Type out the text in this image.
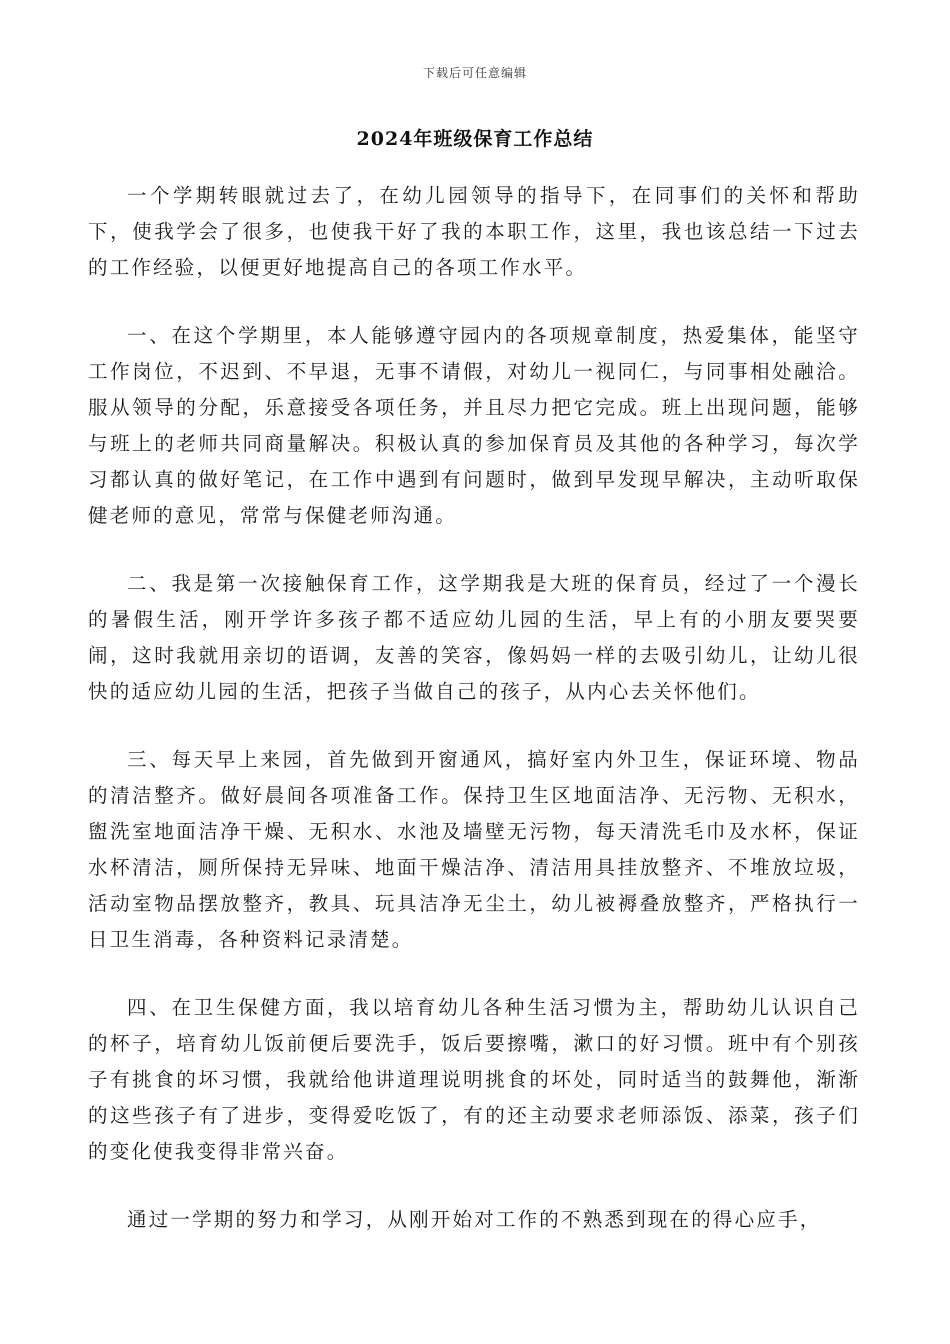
下载后可任意编辑
2024年班级保育工作总结

一个学期转眼就过去了，在幼儿园领导的指导下，在同事们的关怀和帮助下，使我学会了很多，也使我干好了我的本职工作，这里，我也该总结一下过去的工作经验，以便更好地提高自己的各项工作水平。

一、在这个学期里，本人能够遵守园内的各项规章制度，热爱集体，能坚守工作岗位，不迟到、不早退，无事不请假，对幼儿一视同仁，与同事相处融洽。服从领导的分配，乐意接受各项任务，并且尽力把它完成。班上出现问题，能够与班上的老师共同商量解决。积极认真的参加保育员及其他的各种学习，每次学习都认真的做好笔记，在工作中遇到有问题时，做到早发现早解决，主动听取保健老师的意见，常常与保健老师沟通。

二、我是第一次接触保育工作，这学期我是大班的保育员，经过了一个漫长的暑假生活，刚开学许多孩子都不适应幼儿园的生活，早上有的小朋友要哭要闹，这时我就用亲切的语调，友善的笑容，像妈妈一样的去吸引幼儿，让幼儿很快的适应幼儿园的生活，把孩子当做自己的孩子，从内心去关怀他们。

三、每天早上来园，首先做到开窗通风，搞好室内外卫生，保证环境、物品的清洁整齐。做好晨间各项准备工作。保持卫生区地面洁净、无污物、无积水，盥洗室地面洁净干燥、无积水、水池及墙壁无污物，每天清洗毛巾及水杯，保证水杯清洁，厕所保持无异味、地面干燥洁净、清洁用具挂放整齐、不堆放垃圾，活动室物品摆放整齐，教具、玩具洁净无尘土，幼儿被褥叠放整齐，严格执行一日卫生消毒，各种资料记录清楚。

四、在卫生保健方面，我以培育幼儿各种生活习惯为主，帮助幼儿认识自己的杯子，培育幼儿饭前便后要洗手，饭后要擦嘴，漱口的好习惯。班中有个别孩子有挑食的坏习惯，我就给他讲道理说明挑食的坏处，同时适当的鼓舞他，渐渐的这些孩子有了进步，变得爱吃饭了，有的还主动要求老师添饭、添菜，孩子们的变化使我变得非常兴奋。

通过一学期的努力和学习，从刚开始对工作的不熟悉到现在的得心应手，
